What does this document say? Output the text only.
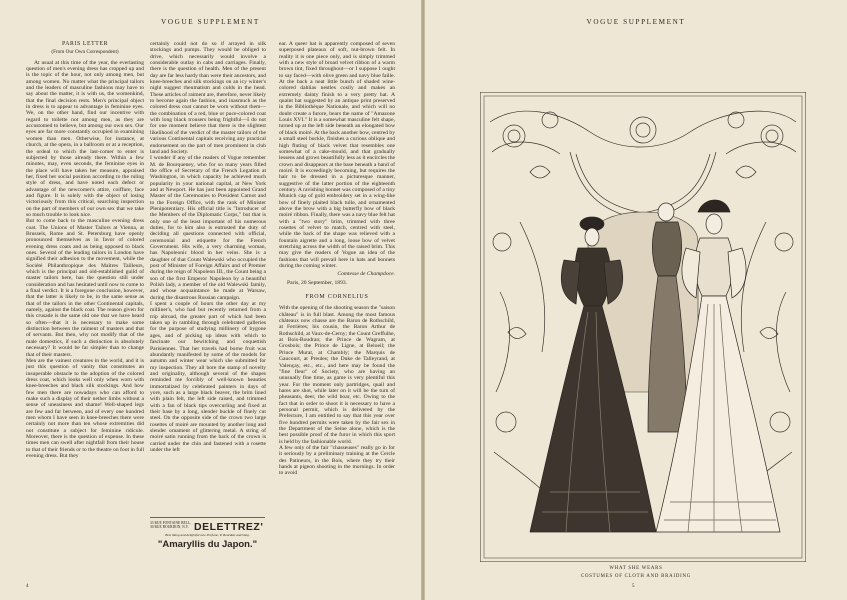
VOGUE SUPPLEMENT
PARIS LETTER
(From Our Own Correspondent)
At usual at this time of the year, the everlasting question of men's evening dress has cropped up and is the topic of the hour, not only among men, but among women. No matter what the principal tailors and the leaders of masculine fashions may have to say about the matter, it is with us, the womenkind, that the final decision rests. Men's principal object in dress is to appear to advantage in feminine eyes. We, on the other hand, find our incentive with regard to toilette not among men, as they are accustomed to believe, but among our own sex. Our eyes are far more constantly occupied in examining women than men. Otherwise, for instance, at church, at the opera, in a ballroom or at a reception, the ordeal to which the last-comer to enter is subjected by those already there. Within a few minutes, may, even seconds, the feminine eyes in the place will have taken her measure, appraised her, fixed her social position according to the ruling style of dress, and have noted each defect or advantage of the newcomer's attire, coiffure, face and figure. It is solely with the object of losing victoriously from this critical, searching inspection on the part of members of our own sex that we take so much trouble to look nice.
But to come back to the masculine evening dress coat. The Unions of Master Tailors at Vienna, at Brussels, Rome and St. Petersburg have openly pronounced themselves as in favor of colored evening dress coats and as being opposed to black ones. Several of the leading tailors in London have signified their adhesion to the movement, while the Société Philanthropique des Maîtres Tailleurs, which is the principal and old-established guild of master tailors here, has the question still under consideration and has hesitated until now to come to a final verdict. It is a foregone conclusion, however, that the latter is likely to be, in the same sense as that of the tailors in the other Continental capitals, namely, against the black coat. The reason given for this crusade is the same old one that we have heard so often—that it is necessary to make some distinction between the raiment of masters and that of servants. But then, why not modify that of the male domestics, if such a distinction is absolutely necessary? It would be far simpler than to change that of their masters.
Men are the vainest creatures in the world, and it is just this question of vanity that constitutes an insuperable obstacle to the adoption of the colored dress coat, which looks well only when worn with knee-breeches and black silk stockings. And how few men there are nowadays who can afford to make such a display of their nether limbs without a sense of uneasiness and shame! Well-shaped legs are few and far between, and of every one hundred men whom I have seen in knee-breeches there were certainly not more than ten whose extremities did not constitute a subject for feminine ridicule. Moreover, there is the question of expense. In these times men can swell after nightfall from their house to that of their friends or to the theatre on foot in full evening dress. But they
certainly could not do so if arrayed in silk stockings and pumps. They would be obliged to drive, which necessarily would involve a considerable outlay in cabs and carriages. Finally, there is the question of health. Men of the present day are far less hardy than were their ancestors, and knee-breeches and silk stockings on an icy winter's night suggest rheumatism and colds in the head. These articles of raiment are, therefore, never likely to become again the fashion, and inasmuch as the colored dress coat cannot be worn without them—the combination of a red, blue or puce-colored coat with long black trousers being frightful—I do not for one moment believe that there is the slightest likelihood of the verdict of the master tailors of the various Continental capitals receiving any practical endorsement on the part of men prominent in club land and Society.
I wonder if any of the readers of Vogue remember M. de Bourqueney, who for so many years filled the office of Secretary of the French Legation at Washington, in which capacity he achieved much popularity in your national capital, at New York and at Newport. He has just been appointed Grand Master of the Ceremonies to President Carnot and to the Foreign Office, with the rank of Minister Plenipotentiary. His official title is "Introducer of the Members of the Diplomatic Corps," but that is only one of the least important of his numerous duties, for to him also is entrusted the duty of deciding all questions connected with official, ceremonial and etiquette for the French Government. His wife, a very charming woman, has Napoleonic blood in her veins. She is a daughter of that Count Walewski who occupied the post of Minister of Foreign Affairs and of Premier during the reign of Napoleon III., the Count being a son of the first Emperor Napoleon by a beautiful Polish lady, a member of the old Walewski family, and whose acquaintance he made at Warsaw, during the disastrous Russian campaign.
I spent a couple of hours the other day at my milliner's, who had but recently returned from a trip abroad, the greater part of which had been taken up in rambling through celebrated galleries for the purpose of studying millinery of bygone ages, and of picking up ideas with which to fascinate our bewitching and coquettish Parisiennes. That her travels had borne fruit was abundantly manifested by some of the models for autumn and winter wear which she submitted for my inspection. They all bore the stamp of novelty and originality, although several of the shapes reminded me forcibly of well-known beauties immortalized by celebrated painters in days of yore, such as a large black beaver, the brim lined with plain felt, the left side raised, and trimmed with a fan of black tips overcurling and fixed at their base by a long, slender buckle of finely cut steel. On the opposite side of the crown two large rosettes of moiré are mounted by another long and slender ornament of glittering metal. A string of moiré satin running from the back of the crown is carried under the chin and fastened with a rosette under the left
33 RUE FONTAINE BELL, 30 RUE BOURDON, N.Y. DELETTREZ'
Best liking and delightful new Perfume, P. Bourdais and Song.
"Amaryllis du Japon."
ear. A queer hat is apparently composed of seven superposed plateaux of soft, nut-brown felt. In reality it is one piece only, and is simply trimmed with a new style of broad velvet ribbon of a warm brown tint, fixed throughout—or I suppose I ought to say faced—with olive green and navy blue faille. At the back a neat little bunch of shaded wine-colored dahlias nestles cosily and makes an extremely dainty finish to a very pretty hat. A quaint hat suggested by an antique print preserved in the Bibliothèque Nationale, and which will no doubt create a furore, bears the name of "Amazone Louis XVI." It is a somewhat masculine felt shape, turned up at the left side beneath an elongated bow of black moiré. At the back another bow, centred by a small steel buckle, finishes a curious oblique and high fluting of black velvet that resembles one somewhat of a cake-mould, and that gradually lessens and grows beautifully less as it encircles the crown and disappears at the base beneath a band of moiré. It is exceedingly becoming, but requires the hair to be dressed in a picturesque manner, suggestive of the latter portion of the eighteenth century. A ravishing bonnet was composed of a tiny Munich cap of gold embroidery set in a wing-like bow of finely plaited black tulle, and ornamented above the brow with a big butterfly bow of black moiré ribbon. Finally, there was a navy blue felt hat with a "two story" brim, trimmed with three rosettes of velvet to match, centred with steel, while the back of the shape was relieved with a fountain aigrette and a long, loose bow of velvet stretching across the width of the raised brim. This may give the readers of Vogue an idea of the fashions that will prevail here in hats and bonnets during the coming winter.
Comtesse de Champdoce.
Paris, 20 September, 1893.
FROM CORNELIUS
With the opening of the shooting season the "saison château" is in full blast. Among the most famous châteaux now chasse are the Baron de Rothschild, at Ferrières; his cousin, the Baron Arthur de Rothschild, at Vaux-de-Cerny; the Count Greffulhe, at Bois-Boudran; the Prince de Wagram, at Grosbois; the Prince de Ligne, at Beloeil; the Prince Murat, at Chambly; the Marquis de Gaucourt, at Preules; the Duke de Talleyrand, at Valençay, etc., etc., and here may be found the "fine fleur" of Society, who are having an unusually fine time, as game is very plentiful this year. For the moment only partridges, quail and hares are shot, while later on it will be the turn of pheasants, deer, the wild boar, etc. Owing to the fact that in order to shoot it is necessary to have a personal permit, which is delivered by the Prefecture, I am entitled to say that this year over five hundred permits were taken by the fair sex in the Department of the Seine alone, which is the best possible proof of the furor in which this sport is held by the fashionable world.
A few only of the fair "chasseuses" really go in for it seriously by a preliminary training at the Cercle des Patineurs, in the Bois, where they try their hands at pigeon shooting in the mornings. In order to avoid
4
VOGUE SUPPLEMENT
WHAT SHE WEARS
COSTUMES OF CLOTH AND BRAIDING
5
